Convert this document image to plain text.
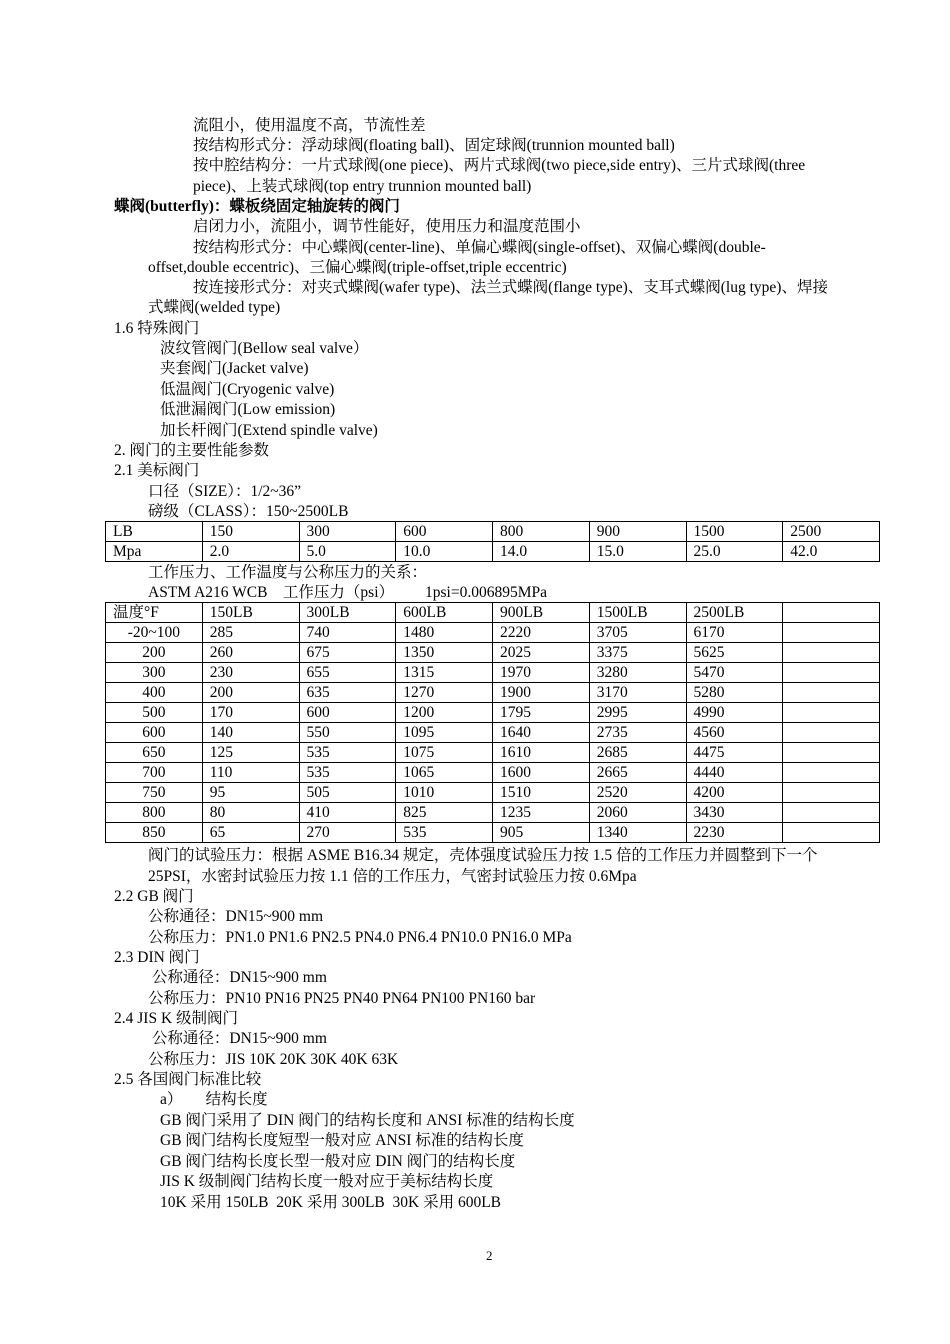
流阻小，使用温度不高，节流性差
按结构形式分：浮动球阀(floating ball)、固定球阀(trunnion mounted ball)
按中腔结构分：一片式球阀(one piece)、两片式球阀(two piece,side entry)、三片式球阀(three
piece)、上装式球阀(top entry trunnion mounted ball)
蝶阀(butterfly)：蝶板绕固定轴旋转的阀门
启闭力小，流阻小，调节性能好，使用压力和温度范围小
按结构形式分：中心蝶阀(center-line)、单偏心蝶阀(single-offset)、双偏心蝶阀(double-
offset,double eccentric)、三偏心蝶阀(triple-offset,triple eccentric)
按连接形式分：对夹式蝶阀(wafer type)、法兰式蝶阀(flange type)、支耳式蝶阀(lug type)、焊接
式蝶阀(welded type)
1.6 特殊阀门
波纹管阀门(Bellow seal valve）
夹套阀门(Jacket valve)
低温阀门(Cryogenic valve)
低泄漏阀门(Low emission)
加长杆阀门(Extend spindle valve)
2. 阀门的主要性能参数
2.1 美标阀门
口径（SIZE）：1/2~36”
磅级（CLASS）：150~2500LB
LB	150	300	600	800	900	1500	2500
Mpa	2.0	5.0	10.0	14.0	15.0	25.0	42.0
工作压力、工作温度与公称压力的关系：
ASTM A216 WCB    工作压力（psi）        1psi=0.006895MPa
温度°F	150LB	300LB	600LB	900LB	1500LB	2500LB	
-20~100	285	740	1480	2220	3705	6170	
200	260	675	1350	2025	3375	5625	
300	230	655	1315	1970	3280	5470	
400	200	635	1270	1900	3170	5280	
500	170	600	1200	1795	2995	4990	
600	140	550	1095	1640	2735	4560	
650	125	535	1075	1610	2685	4475	
700	110	535	1065	1600	2665	4440	
750	95	505	1010	1510	2520	4200	
800	80	410	825	1235	2060	3430	
850	65	270	535	905	1340	2230	
阀门的试验压力：根据 ASME B16.34 规定，壳体强度试验压力按 1.5 倍的工作压力并圆整到下一个
25PSI，水密封试验压力按 1.1 倍的工作压力，气密封试验压力按 0.6Mpa
2.2 GB 阀门
公称通径：DN15~900 mm
公称压力：PN1.0 PN1.6 PN2.5 PN4.0 PN6.4 PN10.0 PN16.0 MPa
2.3 DIN 阀门
公称通径：DN15~900 mm
公称压力：PN10 PN16 PN25 PN40 PN64 PN100 PN160 bar
2.4 JIS K 级制阀门
公称通径：DN15~900 mm
公称压力：JIS 10K 20K 30K 40K 63K
2.5 各国阀门标准比较
a）      结构长度
GB 阀门采用了 DIN 阀门的结构长度和 ANSI 标准的结构长度
GB 阀门结构长度短型一般对应 ANSI 标准的结构长度
GB 阀门结构长度长型一般对应 DIN 阀门的结构长度
JIS K 级制阀门结构长度一般对应于美标结构长度
10K 采用 150LB  20K 采用 300LB  30K 采用 600LB
2
